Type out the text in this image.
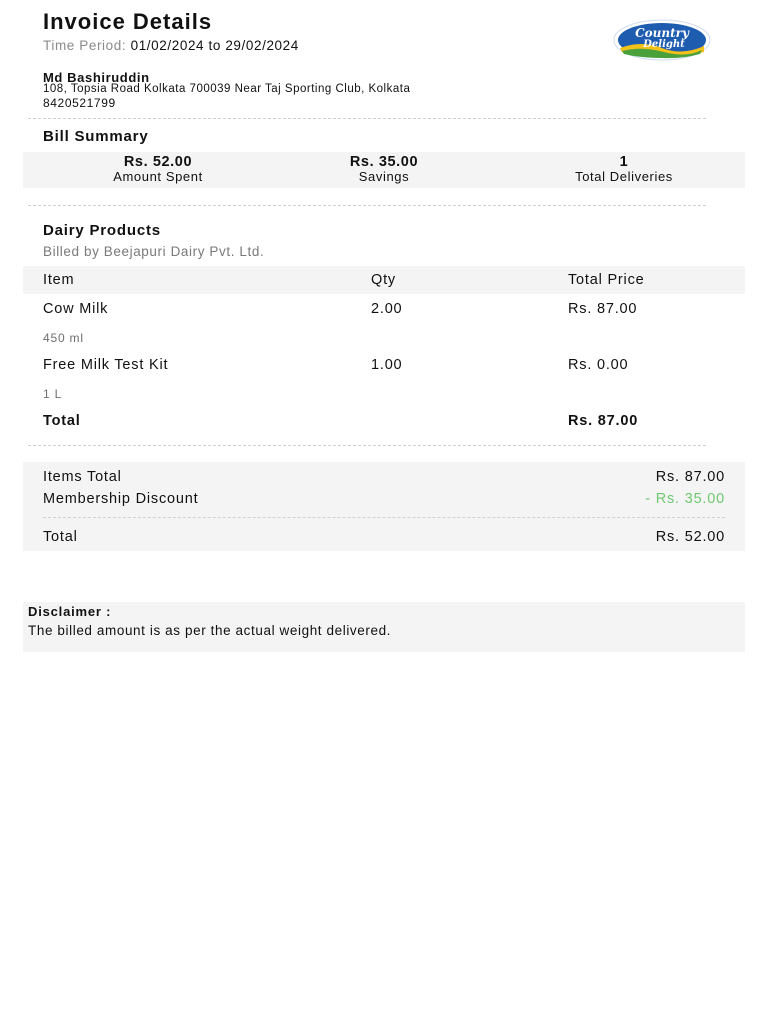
Invoice Details
Time Period: 01/02/2024 to 29/02/2024
Country
Delight
Md Bashiruddin
108, Topsia Road Kolkata 700039 Near Taj Sporting Club, Kolkata
8420521799
Bill Summary
Rs. 52.00
Amount Spent
Rs. 35.00
Savings
1
Total Deliveries
Dairy Products
Billed by Beejapuri Dairy Pvt. Ltd.
Item	Qty	Total Price
Cow Milk	2.00	Rs. 87.00
450 ml
Free Milk Test Kit	1.00	Rs. 0.00
1 L
Total	Rs. 87.00
Items Total	Rs. 87.00
Membership Discount	- Rs. 35.00
Total	Rs. 52.00
Disclaimer :
The billed amount is as per the actual weight delivered.
